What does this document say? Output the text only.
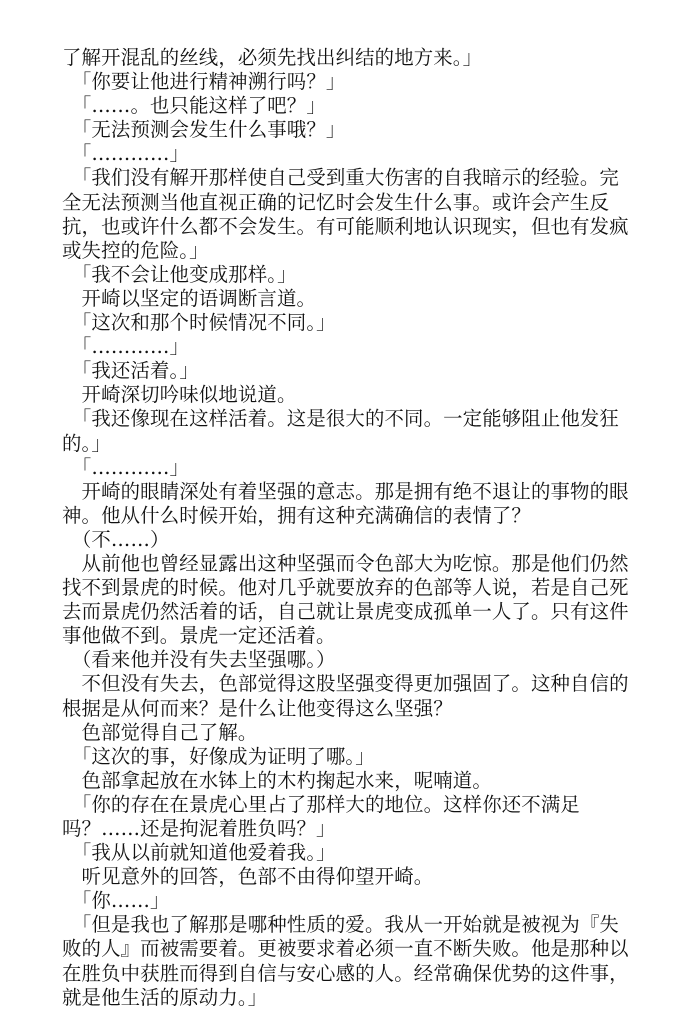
了解开混乱的丝线，必须先找出纠结的地方来。」
　「你要让他进行精神溯行吗？」
　「……。也只能这样了吧？」
　「无法预测会发生什么事哦？」
　「…………」
　「我们没有解开那样使自己受到重大伤害的自我暗示的经验。完
全无法预测当他直视正确的记忆时会发生什么事。或许会产生反
抗，也或许什么都不会发生。有可能顺利地认识现实，但也有发疯
或失控的危险。」
　「我不会让他变成那样。」
　开崎以坚定的语调断言道。
　「这次和那个时候情况不同。」
　「…………」
　「我还活着。」
　开崎深切吟味似地说道。
　「我还像现在这样活着。这是很大的不同。一定能够阻止他发狂
的。」
　「…………」
　开崎的眼睛深处有着坚强的意志。那是拥有绝不退让的事物的眼
神。他从什么时候开始，拥有这种充满确信的表情了？
　（不……）
　从前他也曾经显露出这种坚强而令色部大为吃惊。那是他们仍然
找不到景虎的时候。他对几乎就要放弃的色部等人说，若是自己死
去而景虎仍然活着的话，自己就让景虎变成孤单一人了。只有这件
事他做不到。景虎一定还活着。
　（看来他并没有失去坚强哪。）
　不但没有失去，色部觉得这股坚强变得更加强固了。这种自信的
根据是从何而来？是什么让他变得这么坚强？
　色部觉得自己了解。
　「这次的事，好像成为证明了哪。」
　色部拿起放在水钵上的木杓掬起水来，呢喃道。
　「你的存在在景虎心里占了那样大的地位。这样你还不满足
吗？……还是拘泥着胜负吗？」
　「我从以前就知道他爱着我。」
　听见意外的回答，色部不由得仰望开崎。
　「你……」
　「但是我也了解那是哪种性质的爱。我从一开始就是被视为『失
败的人』而被需要着。更被要求着必须一直不断失败。他是那种以
在胜负中获胜而得到自信与安心感的人。经常确保优势的这件事，
就是他生活的原动力。」
